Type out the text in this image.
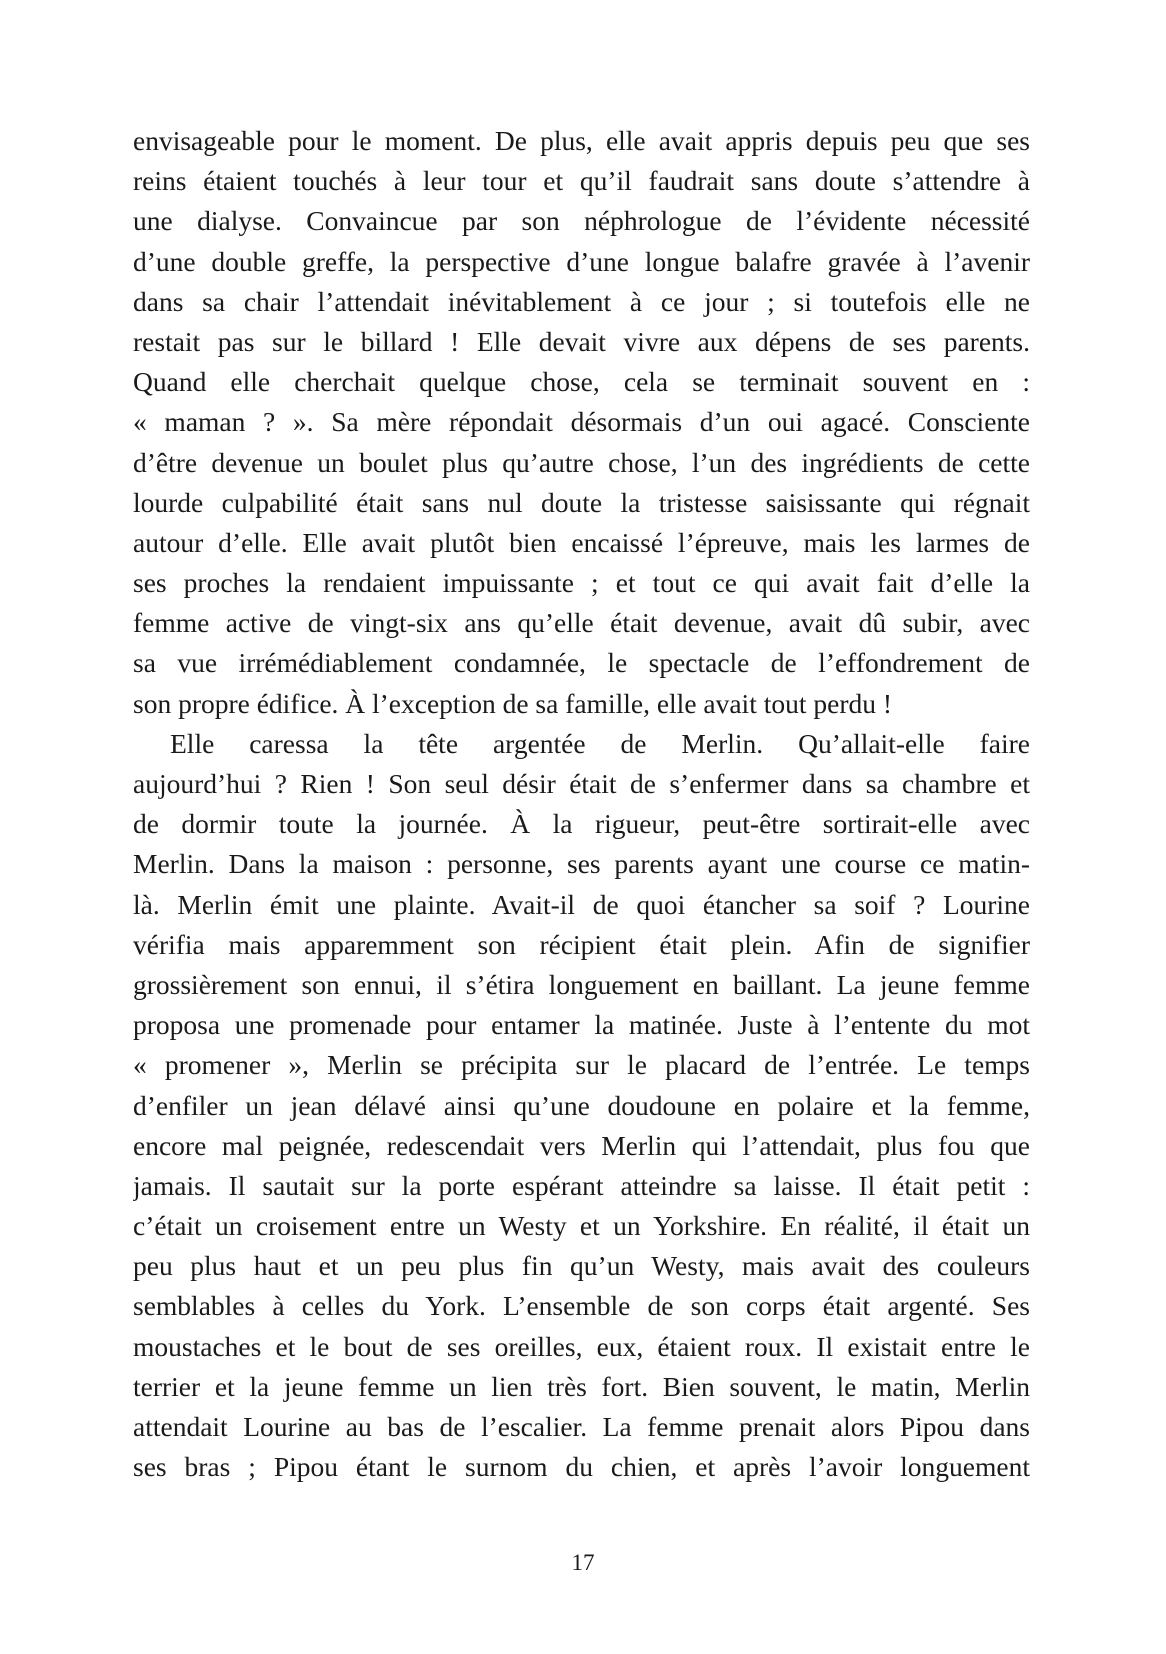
envisageable pour le moment. De plus, elle avait appris depuis peu que ses
reins étaient touchés à leur tour et qu’il faudrait sans doute s’attendre à
une dialyse. Convaincue par son néphrologue de l’évidente nécessité
d’une double greffe, la perspective d’une longue balafre gravée à l’avenir
dans sa chair l’attendait inévitablement à ce jour ; si toutefois elle ne
restait pas sur le billard ! Elle devait vivre aux dépens de ses parents.
Quand elle cherchait quelque chose, cela se terminait souvent en :
« maman ? ». Sa mère répondait désormais d’un oui agacé. Consciente
d’être devenue un boulet plus qu’autre chose, l’un des ingrédients de cette
lourde culpabilité était sans nul doute la tristesse saisissante qui régnait
autour d’elle. Elle avait plutôt bien encaissé l’épreuve, mais les larmes de
ses proches la rendaient impuissante ; et tout ce qui avait fait d’elle la
femme active de vingt-six ans qu’elle était devenue, avait dû subir, avec
sa vue irrémédiablement condamnée, le spectacle de l’effondrement de
son propre édifice. À l’exception de sa famille, elle avait tout perdu !
Elle caressa la tête argentée de Merlin. Qu’allait-elle faire
aujourd’hui ? Rien ! Son seul désir était de s’enfermer dans sa chambre et
de dormir toute la journée. À la rigueur, peut-être sortirait-elle avec
Merlin. Dans la maison : personne, ses parents ayant une course ce matin-
là. Merlin émit une plainte. Avait-il de quoi étancher sa soif ? Lourine
vérifia mais apparemment son récipient était plein. Afin de signifier
grossièrement son ennui, il s’étira longuement en baillant. La jeune femme
proposa une promenade pour entamer la matinée. Juste à l’entente du mot
« promener », Merlin se précipita sur le placard de l’entrée. Le temps
d’enfiler un jean délavé ainsi qu’une doudoune en polaire et la femme,
encore mal peignée, redescendait vers Merlin qui l’attendait, plus fou que
jamais. Il sautait sur la porte espérant atteindre sa laisse. Il était petit :
c’était un croisement entre un Westy et un Yorkshire. En réalité, il était un
peu plus haut et un peu plus fin qu’un Westy, mais avait des couleurs
semblables à celles du York. L’ensemble de son corps était argenté. Ses
moustaches et le bout de ses oreilles, eux, étaient roux. Il existait entre le
terrier et la jeune femme un lien très fort. Bien souvent, le matin, Merlin
attendait Lourine au bas de l’escalier. La femme prenait alors Pipou dans
ses bras ; Pipou étant le surnom du chien, et après l’avoir longuement
17
